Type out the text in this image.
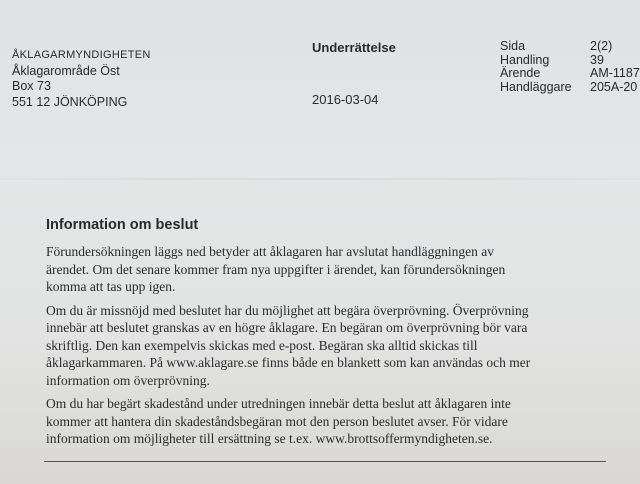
ÅKLAGARMYNDIGHETEN
Åklagarområde Öst
Box 73
551 12 JÖNKÖPING
Underrättelse
2016-03-04
Sida
Handling
Ärende
Handläggare
2(2)
39
AM-1187
205A-20
Information om beslut
Förundersökningen läggs ned betyder att åklagaren har avslutat handläggningen av
ärendet. Om det senare kommer fram nya uppgifter i ärendet, kan förundersökningen
komma att tas upp igen.
Om du är missnöjd med beslutet har du möjlighet att begära överprövning. Överprövning
innebär att beslutet granskas av en högre åklagare. En begäran om överprövning bör vara
skriftlig. Den kan exempelvis skickas med e-post. Begäran ska alltid skickas till
åklagarkammaren. På www.aklagare.se finns både en blankett som kan användas och mer
information om överprövning.
Om du har begärt skadestånd under utredningen innebär detta beslut att åklagaren inte
kommer att hantera din skadeståndsbegäran mot den person beslutet avser. För vidare
information om möjligheter till ersättning se t.ex. www.brottsoffermyndigheten.se.
